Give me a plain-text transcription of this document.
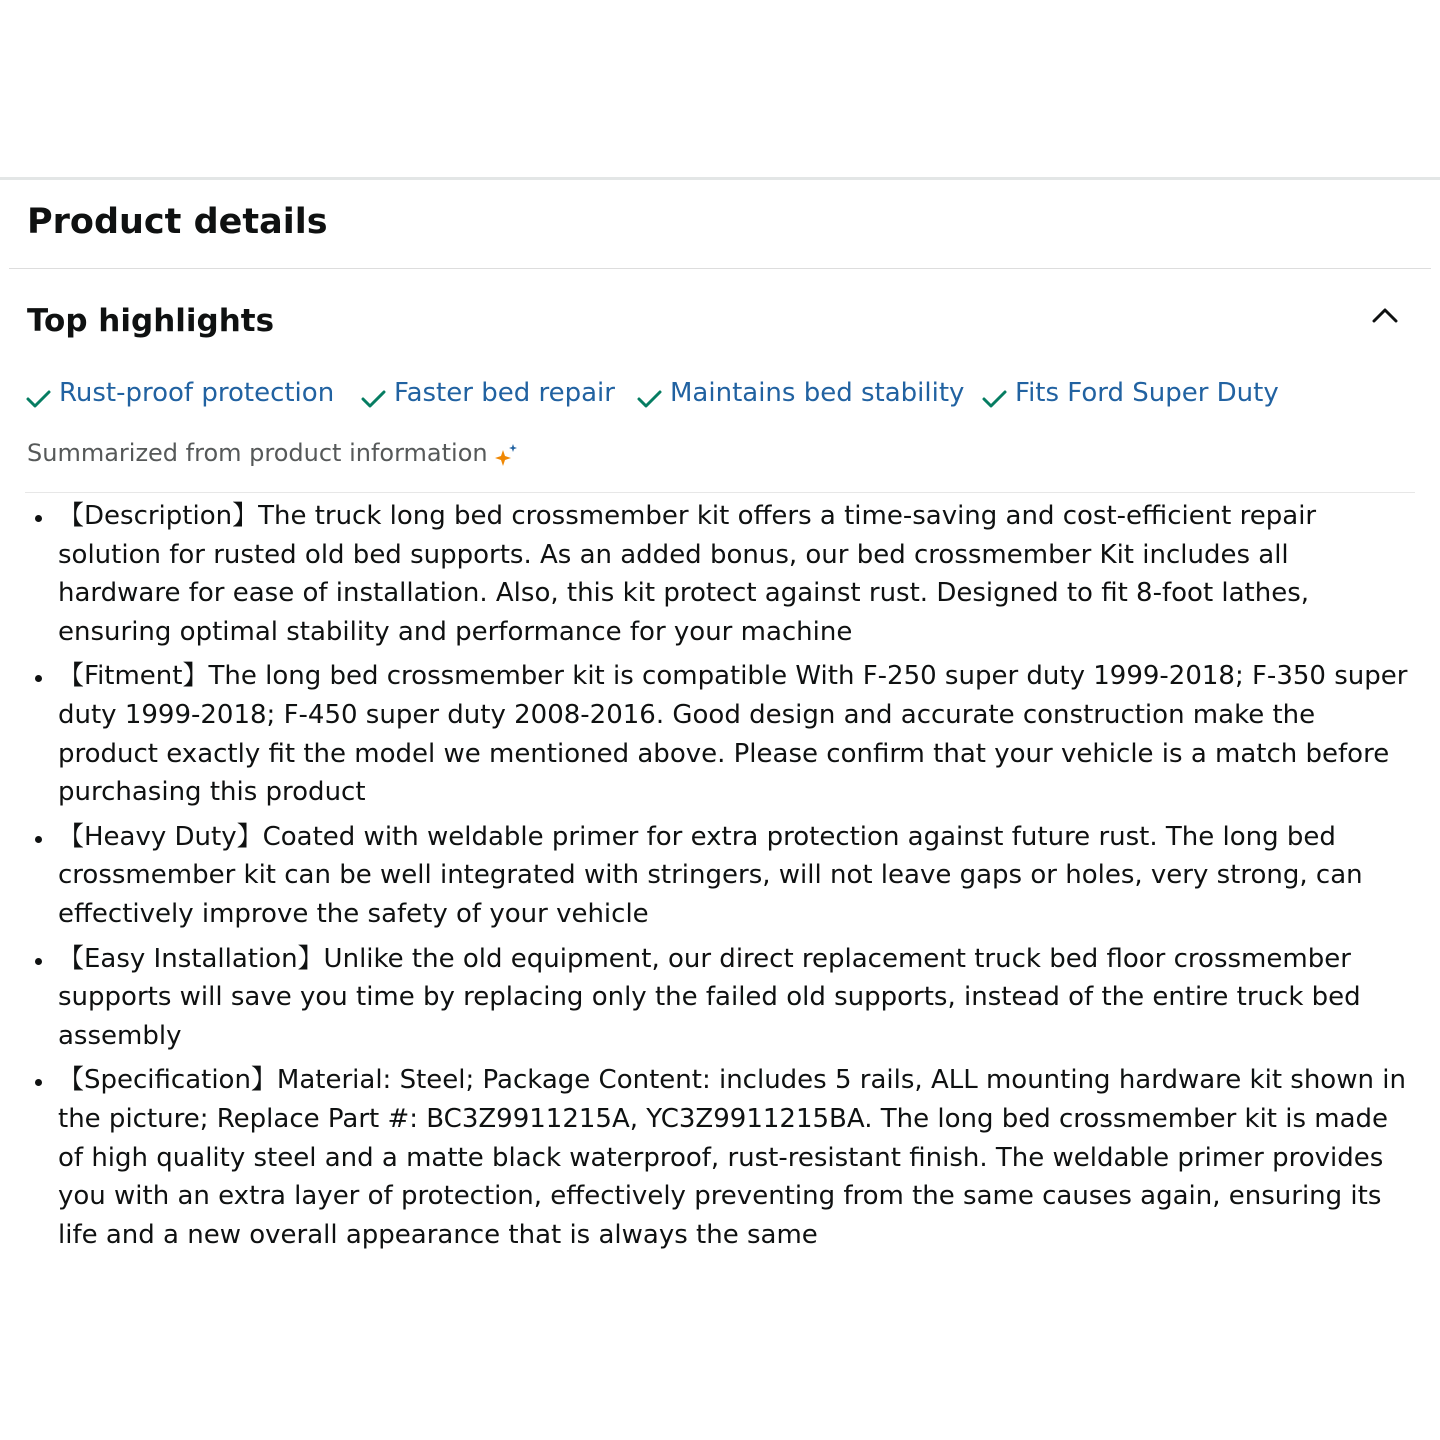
Product details
Top highlights
Rust-proof protection Faster bed repair Maintains bed stability Fits Ford Super Duty
Summarized from product information
【Description】The truck long bed crossmember kit offers a time-saving and cost-efficient repair solution for rusted old bed supports. As an added bonus, our bed crossmember Kit includes all hardware for ease of installation. Also, this kit protect against rust. Designed to fit 8-foot lathes, ensuring optimal stability and performance for your machine
【Fitment】The long bed crossmember kit is compatible With F-250 super duty 1999-2018; F-350 super duty 1999-2018; F-450 super duty 2008-2016. Good design and accurate construction make the product exactly fit the model we mentioned above. Please confirm that your vehicle is a match before purchasing this product
【Heavy Duty】Coated with weldable primer for extra protection against future rust. The long bed crossmember kit can be well integrated with stringers, will not leave gaps or holes, very strong, can effectively improve the safety of your vehicle
【Easy Installation】Unlike the old equipment, our direct replacement truck bed floor crossmember supports will save you time by replacing only the failed old supports, instead of the entire truck bed assembly
【Specification】Material: Steel; Package Content: includes 5 rails, ALL mounting hardware kit shown in the picture; Replace Part #: BC3Z9911215A, YC3Z9911215BA. The long bed crossmember kit is made of high quality steel and a matte black waterproof, rust-resistant finish. The weldable primer provides you with an extra layer of protection, effectively preventing from the same causes again, ensuring its life and a new overall appearance that is always the same
